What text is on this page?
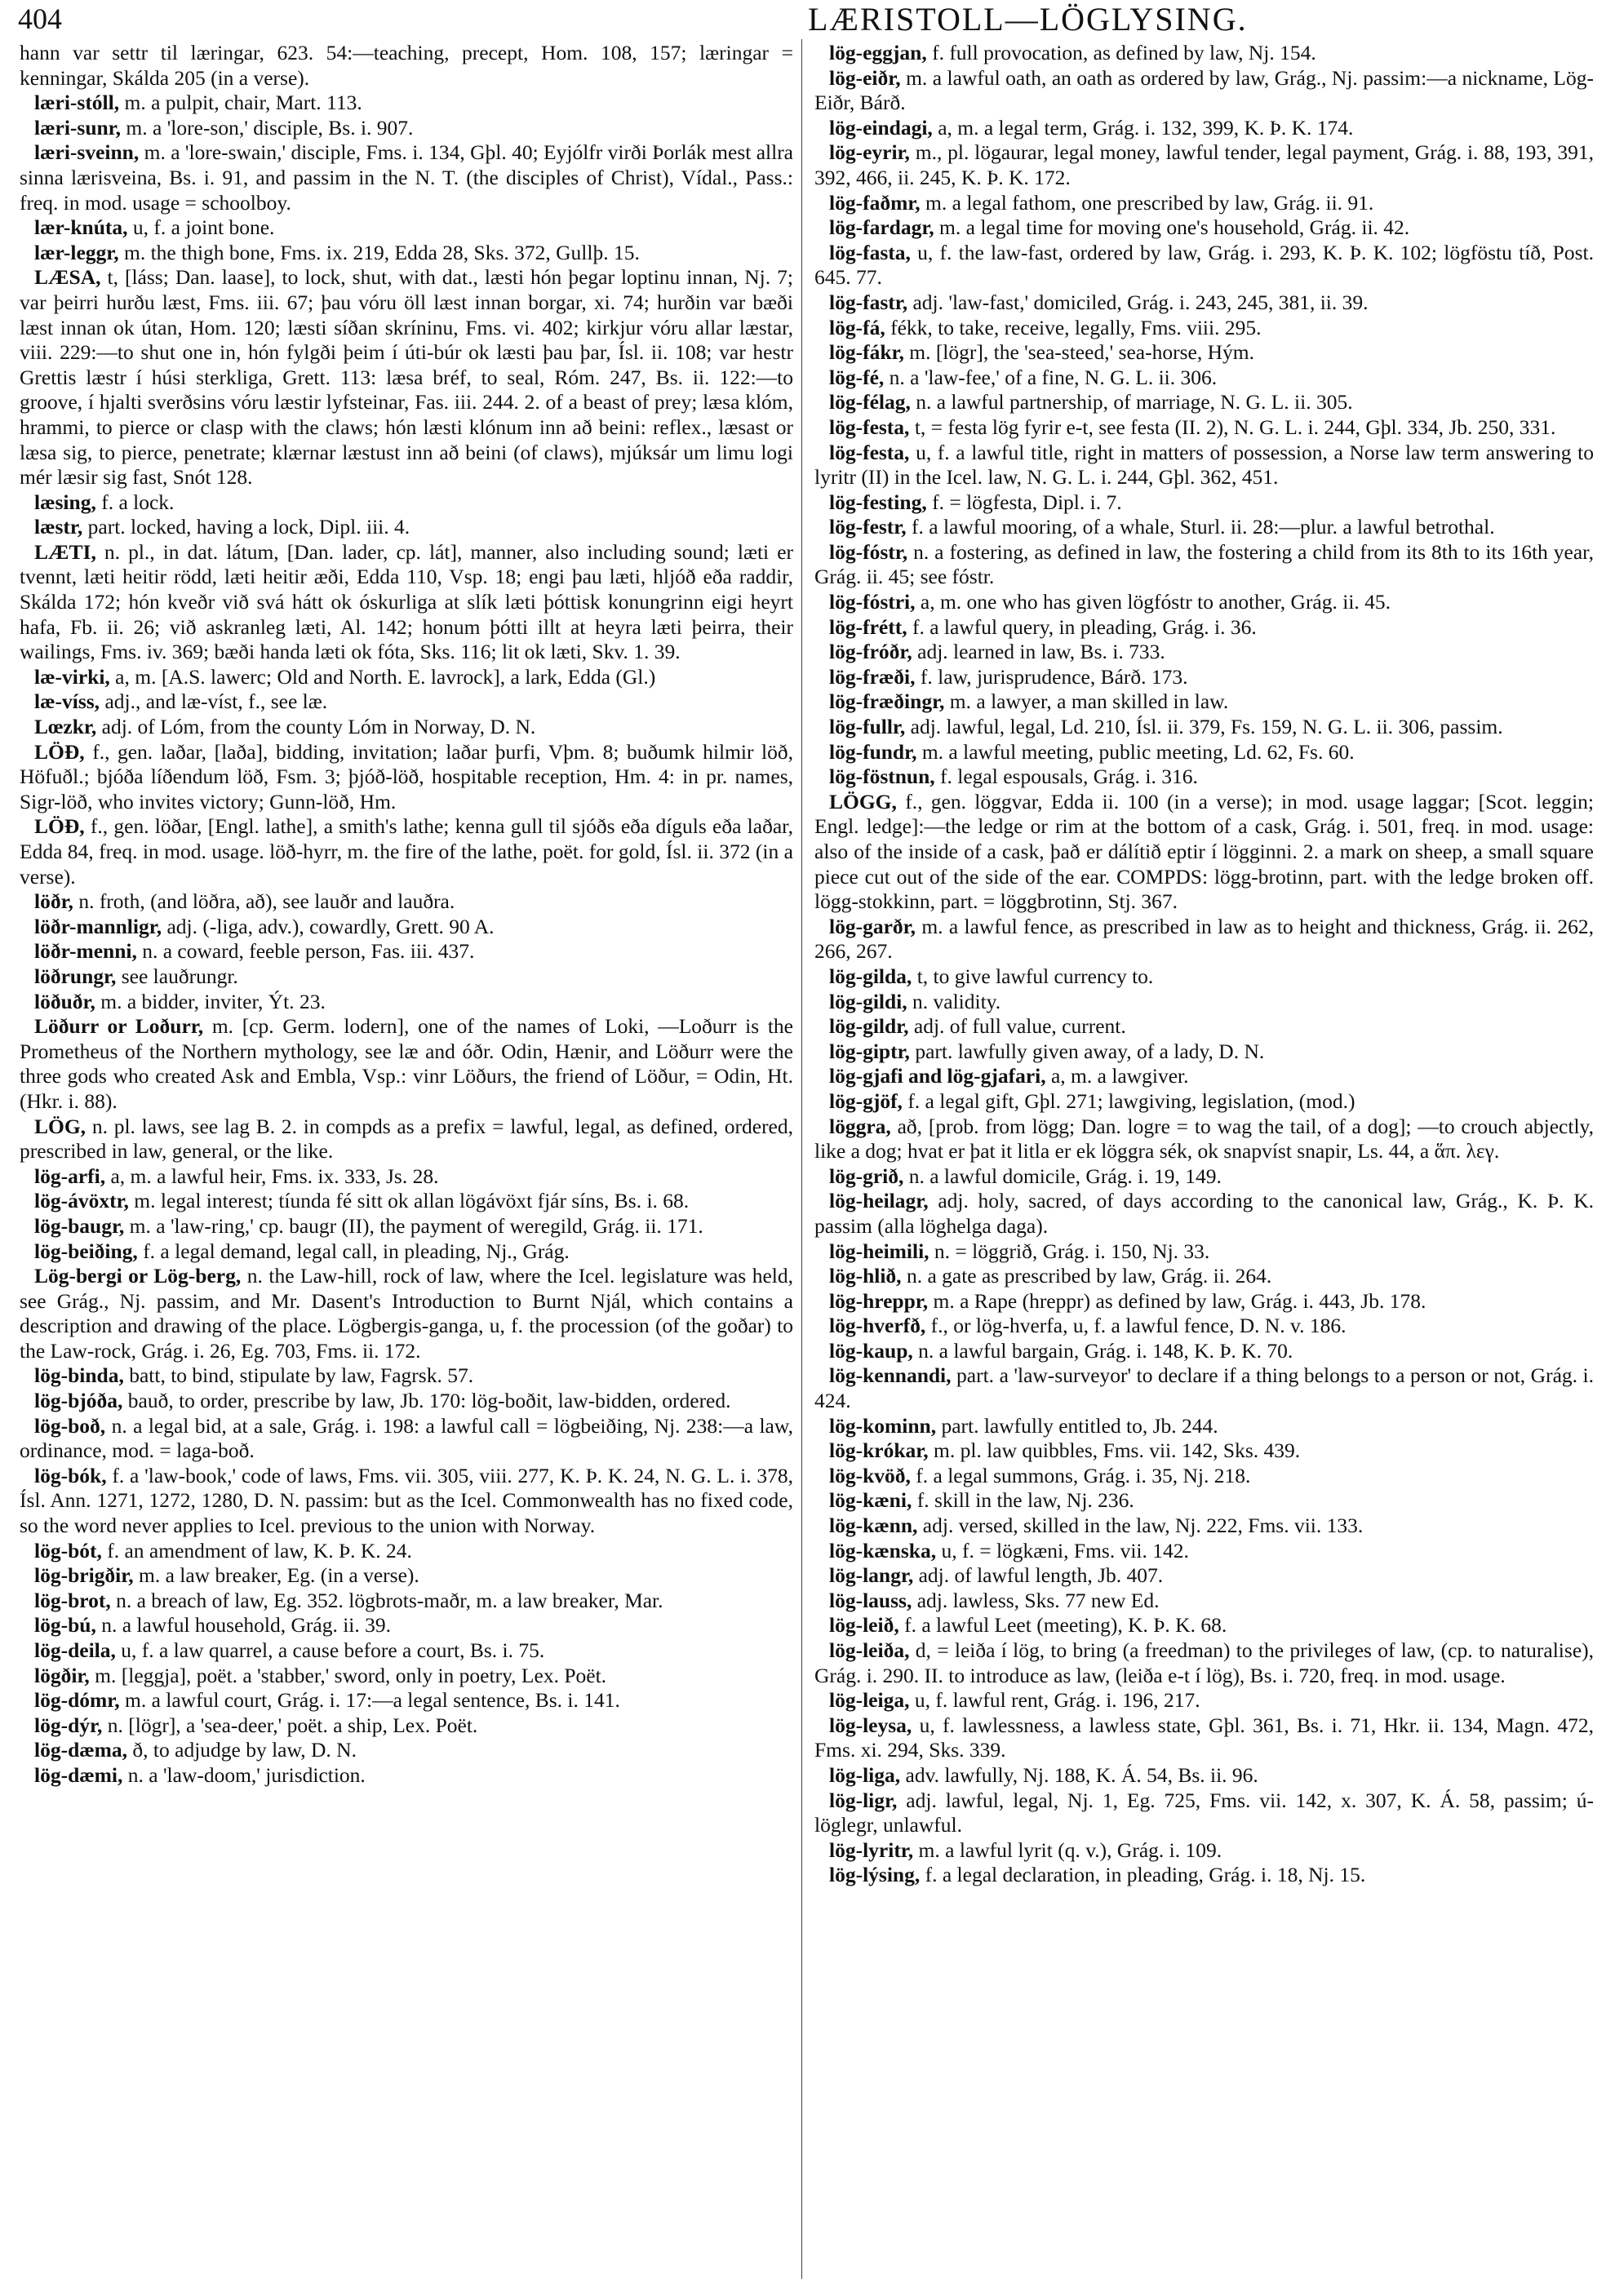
404	LÆRISTOLL—LÖGLYSING.

hann var settr til læringar, 623. 54:—teaching, precept, Hom. 108, 157; læringar = kenningar, Skálda 205 (in a verse).

læri-stóll, m. a pulpit, chair, Mart. 113.

læri-sunr, m. a 'lore-son,' disciple, Bs. i. 907.

læri-sveinn, m. a 'lore-swain,' disciple, Fms. i. 134, Gþl. 40; Eyjólfr virði Þorlák mest allra sinna lærisveina, Bs. i. 91, and passim in the N. T. (the disciples of Christ), Vídal., Pass.: freq. in mod. usage = schoolboy.

lær-knúta, u, f. a joint bone.

lær-leggr, m. the thigh bone, Fms. ix. 219, Edda 28, Sks. 372, Gullþ. 15.

LÆSA, t, [láss; Dan. laase], to lock, shut, with dat., læsti hón þegar loptinu innan, Nj. 7; var þeirri hurðu læst, Fms. iii. 67; þau vóru öll læst innan borgar, xi. 74; hurðin var bæði læst innan ok útan, Hom. 120; læsti síðan skríninu, Fms. vi. 402; kirkjur vóru allar læstar, viii. 229:—to shut one in, hón fylgði þeim í úti-búr ok læsti þau þar, Ísl. ii. 108; var hestr Grettis læstr í húsi sterkliga, Grett. 113: læsa bréf, to seal, Róm. 247, Bs. ii. 122:—to groove, í hjalti sverðsins vóru læstir lyfsteinar, Fas. iii. 244. 2. of a beast of prey; læsa klóm, hrammi, to pierce or clasp with the claws; hón læsti klónum inn að beini: reflex., læsast or læsa sig, to pierce, penetrate; klærnar læstust inn að beini (of claws), mjúksár um limu logi mér læsir sig fast, Snót 128.

læsing, f. a lock.

læstr, part. locked, having a lock, Dipl. iii. 4.

LÆTI, n. pl., in dat. látum, [Dan. lader, cp. lát], manner, also including sound; læti er tvennt, læti heitir rödd, læti heitir æði, Edda 110, Vsp. 18; engi þau læti, hljóð eða raddir, Skálda 172; hón kveðr við svá hátt ok óskurliga at slík læti þóttisk konungrinn eigi heyrt hafa, Fb. ii. 26; við askranleg læti, Al. 142; honum þótti illt at heyra læti þeirra, their wailings, Fms. iv. 369; bæði handa læti ok fóta, Sks. 116; lit ok læti, Skv. 1. 39.

læ-virki, a, m. [A.S. lawerc; Old and North. E. lavrock], a lark, Edda (Gl.)

læ-víss, adj., and læ-víst, f., see læ.

Lœzkr, adj. of Lóm, from the county Lóm in Norway, D. N.

LÖÐ, f., gen. laðar, [laða], bidding, invitation; laðar þurfi, Vþm. 8; buðumk hilmir löð, Höfuðl.; bjóða líðendum löð, Fsm. 3; þjóð-löð, hospitable reception, Hm. 4: in pr. names, Sigr-löð, who invites victory; Gunn-löð, Hm.

LÖÐ, f., gen. löðar, [Engl. lathe], a smith's lathe; kenna gull til sjóðs eða díguls eða laðar, Edda 84, freq. in mod. usage. löð-hyrr, m. the fire of the lathe, poët. for gold, Ísl. ii. 372 (in a verse).

löðr, n. froth, (and löðra, að), see lauðr and lauðra.

löðr-mannligr, adj. (-liga, adv.), cowardly, Grett. 90 A.

löðr-menni, n. a coward, feeble person, Fas. iii. 437.

löðrungr, see lauðrungr.

löðuðr, m. a bidder, inviter, Ýt. 23.

Löðurr or Loðurr, m. [cp. Germ. lodern], one of the names of Loki, —Loðurr is the Prometheus of the Northern mythology, see læ and óðr. Odin, Hænir, and Löðurr were the three gods who created Ask and Embla, Vsp.: vinr Löðurs, the friend of Löður, = Odin, Ht. (Hkr. i. 88).

LÖG, n. pl. laws, see lag B. 2. in compds as a prefix = lawful, legal, as defined, ordered, prescribed in law, general, or the like.

lög-arfi, a, m. a lawful heir, Fms. ix. 333, Js. 28.

lög-ávöxtr, m. legal interest; tíunda fé sitt ok allan lögávöxt fjár síns, Bs. i. 68.

lög-baugr, m. a 'law-ring,' cp. baugr (II), the payment of weregild, Grág. ii. 171.

lög-beiðing, f. a legal demand, legal call, in pleading, Nj., Grág.

Lög-bergi or Lög-berg, n. the Law-hill, rock of law, where the Icel. legislature was held, see Grág., Nj. passim, and Mr. Dasent's Introduction to Burnt Njál, which contains a description and drawing of the place. Lögbergis-ganga, u, f. the procession (of the goðar) to the Law-rock, Grág. i. 26, Eg. 703, Fms. ii. 172.

lög-binda, batt, to bind, stipulate by law, Fagrsk. 57.

lög-bjóða, bauð, to order, prescribe by law, Jb. 170: lög-boðit, law-bidden, ordered.

lög-boð, n. a legal bid, at a sale, Grág. i. 198: a lawful call = lögbeiðing, Nj. 238:—a law, ordinance, mod. = laga-boð.

lög-bók, f. a 'law-book,' code of laws, Fms. vii. 305, viii. 277, K. Þ. K. 24, N. G. L. i. 378, Ísl. Ann. 1271, 1272, 1280, D. N. passim: but as the Icel. Commonwealth has no fixed code, so the word never applies to Icel. previous to the union with Norway.

lög-bót, f. an amendment of law, K. Þ. K. 24.

lög-brigðir, m. a law breaker, Eg. (in a verse).

lög-brot, n. a breach of law, Eg. 352. lögbrots-maðr, m. a law breaker, Mar.

lög-bú, n. a lawful household, Grág. ii. 39.

lög-deila, u, f. a law quarrel, a cause before a court, Bs. i. 75.

lögðir, m. [leggja], poët. a 'stabber,' sword, only in poetry, Lex. Poët.

lög-dómr, m. a lawful court, Grág. i. 17:—a legal sentence, Bs. i. 141.

lög-dýr, n. [lögr], a 'sea-deer,' poët. a ship, Lex. Poët.

lög-dæma, ð, to adjudge by law, D. N.

lög-dæmi, n. a 'law-doom,' jurisdiction.

lög-eggjan, f. full provocation, as defined by law, Nj. 154.

lög-eiðr, m. a lawful oath, an oath as ordered by law, Grág., Nj. passim:—a nickname, Lög-Eiðr, Bárð.

lög-eindagi, a, m. a legal term, Grág. i. 132, 399, K. Þ. K. 174.

lög-eyrir, m., pl. lögaurar, legal money, lawful tender, legal payment, Grág. i. 88, 193, 391, 392, 466, ii. 245, K. Þ. K. 172.

lög-faðmr, m. a legal fathom, one prescribed by law, Grág. ii. 91.

lög-fardagr, m. a legal time for moving one's household, Grág. ii. 42.

lög-fasta, u, f. the law-fast, ordered by law, Grág. i. 293, K. Þ. K. 102; lögföstu tíð, Post. 645. 77.

lög-fastr, adj. 'law-fast,' domiciled, Grág. i. 243, 245, 381, ii. 39.

lög-fá, fékk, to take, receive, legally, Fms. viii. 295.

lög-fákr, m. [lögr], the 'sea-steed,' sea-horse, Hým.

lög-fé, n. a 'law-fee,' of a fine, N. G. L. ii. 306.

lög-félag, n. a lawful partnership, of marriage, N. G. L. ii. 305.

lög-festa, t, = festa lög fyrir e-t, see festa (II. 2), N. G. L. i. 244, Gþl. 334, Jb. 250, 331.

lög-festa, u, f. a lawful title, right in matters of possession, a Norse law term answering to lyritr (II) in the Icel. law, N. G. L. i. 244, Gþl. 362, 451.

lög-festing, f. = lögfesta, Dipl. i. 7.

lög-festr, f. a lawful mooring, of a whale, Sturl. ii. 28:—plur. a lawful betrothal.

lög-fóstr, n. a fostering, as defined in law, the fostering a child from its 8th to its 16th year, Grág. ii. 45; see fóstr.

lög-fóstri, a, m. one who has given lögfóstr to another, Grág. ii. 45.

lög-frétt, f. a lawful query, in pleading, Grág. i. 36.

lög-fróðr, adj. learned in law, Bs. i. 733.

lög-fræði, f. law, jurisprudence, Bárð. 173.

lög-fræðingr, m. a lawyer, a man skilled in law.

lög-fullr, adj. lawful, legal, Ld. 210, Ísl. ii. 379, Fs. 159, N. G. L. ii. 306, passim.

lög-fundr, m. a lawful meeting, public meeting, Ld. 62, Fs. 60.

lög-föstnun, f. legal espousals, Grág. i. 316.

LÖGG, f., gen. löggvar, Edda ii. 100 (in a verse); in mod. usage laggar; [Scot. leggin; Engl. ledge]:—the ledge or rim at the bottom of a cask, Grág. i. 501, freq. in mod. usage: also of the inside of a cask, það er dálítið eptir í lögginni. 2. a mark on sheep, a small square piece cut out of the side of the ear. COMPDS: lögg-brotinn, part. with the ledge broken off. lögg-stokkinn, part. = löggbrotinn, Stj. 367.

lög-garðr, m. a lawful fence, as prescribed in law as to height and thickness, Grág. ii. 262, 266, 267.

lög-gilda, t, to give lawful currency to.

lög-gildi, n. validity.

lög-gildr, adj. of full value, current.

lög-giptr, part. lawfully given away, of a lady, D. N.

lög-gjafi and lög-gjafari, a, m. a lawgiver.

lög-gjöf, f. a legal gift, Gþl. 271; lawgiving, legislation, (mod.)

löggra, að, [prob. from lögg; Dan. logre = to wag the tail, of a dog]; —to crouch abjectly, like a dog; hvat er þat it litla er ek löggra sék, ok snapvíst snapir, Ls. 44, a ἅπ. λεγ.

lög-grið, n. a lawful domicile, Grág. i. 19, 149.

lög-heilagr, adj. holy, sacred, of days according to the canonical law, Grág., K. Þ. K. passim (alla löghelga daga).

lög-heimili, n. = löggrið, Grág. i. 150, Nj. 33.

lög-hlið, n. a gate as prescribed by law, Grág. ii. 264.

lög-hreppr, m. a Rape (hreppr) as defined by law, Grág. i. 443, Jb. 178.

lög-hverfð, f., or lög-hverfa, u, f. a lawful fence, D. N. v. 186.

lög-kaup, n. a lawful bargain, Grág. i. 148, K. Þ. K. 70.

lög-kennandi, part. a 'law-surveyor' to declare if a thing belongs to a person or not, Grág. i. 424.

lög-kominn, part. lawfully entitled to, Jb. 244.

lög-krókar, m. pl. law quibbles, Fms. vii. 142, Sks. 439.

lög-kvöð, f. a legal summons, Grág. i. 35, Nj. 218.

lög-kæni, f. skill in the law, Nj. 236.

lög-kænn, adj. versed, skilled in the law, Nj. 222, Fms. vii. 133.

lög-kænska, u, f. = lögkæni, Fms. vii. 142.

lög-langr, adj. of lawful length, Jb. 407.

lög-lauss, adj. lawless, Sks. 77 new Ed.

lög-leið, f. a lawful Leet (meeting), K. Þ. K. 68.

lög-leiða, d, = leiða í lög, to bring (a freedman) to the privileges of law, (cp. to naturalise), Grág. i. 290. II. to introduce as law, (leiða e-t í lög), Bs. i. 720, freq. in mod. usage.

lög-leiga, u, f. lawful rent, Grág. i. 196, 217.

lög-leysa, u, f. lawlessness, a lawless state, Gþl. 361, Bs. i. 71, Hkr. ii. 134, Magn. 472, Fms. xi. 294, Sks. 339.

lög-liga, adv. lawfully, Nj. 188, K. Á. 54, Bs. ii. 96.

lög-ligr, adj. lawful, legal, Nj. 1, Eg. 725, Fms. vii. 142, x. 307, K. Á. 58, passim; ú-löglegr, unlawful.

lög-lyritr, m. a lawful lyrit (q. v.), Grág. i. 109.

lög-lýsing, f. a legal declaration, in pleading, Grág. i. 18, Nj. 15.
